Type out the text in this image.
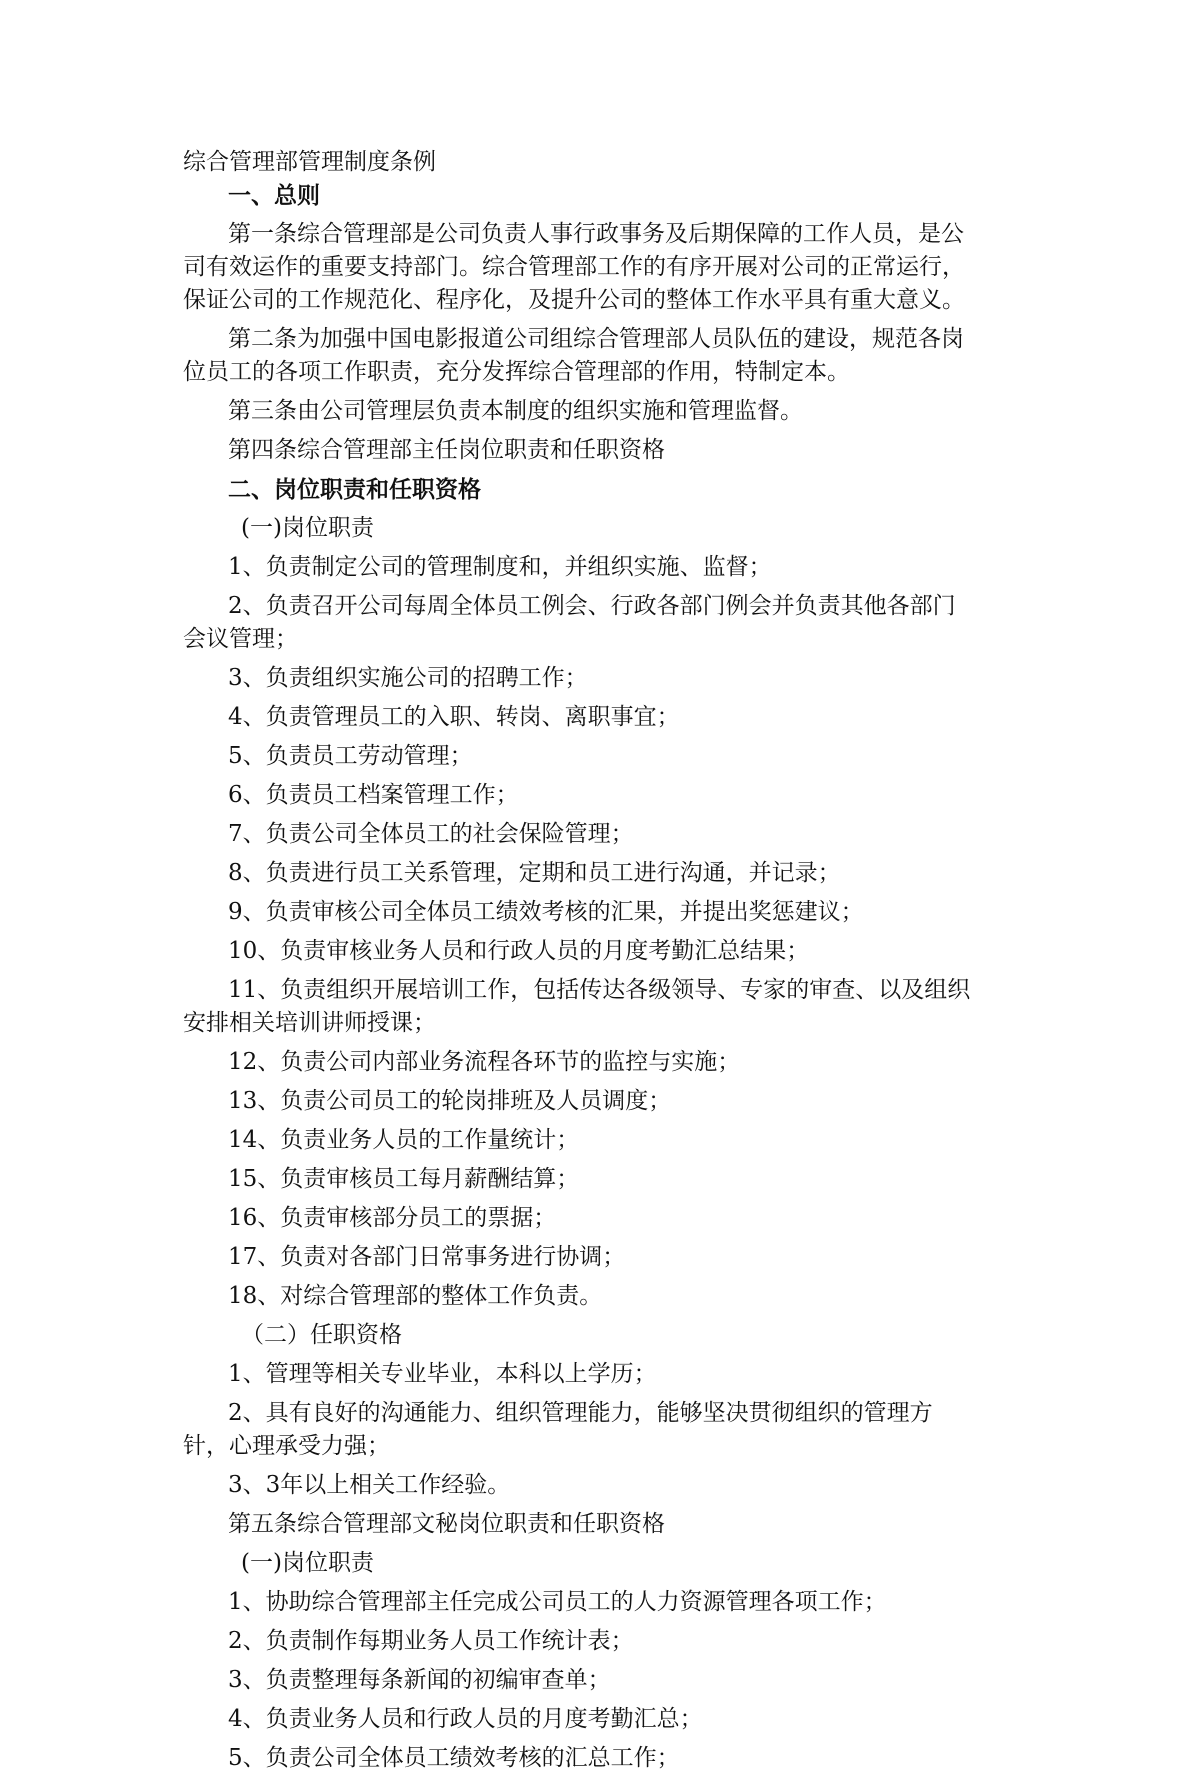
综合管理部管理制度条例

一、总则

第一条综合管理部是公司负责人事行政事务及后期保障的工作人员，是公

司有效运作的重要支持部门。综合管理部工作的有序开展对公司的正常运行，

保证公司的工作规范化、程序化，及提升公司的整体工作水平具有重大意义。

第二条为加强中国电影报道公司组综合管理部人员队伍的建设，规范各岗

位员工的各项工作职责，充分发挥综合管理部的作用，特制定本。

第三条由公司管理层负责本制度的组织实施和管理监督。

第四条综合管理部主任岗位职责和任职资格

二、岗位职责和任职资格

(一)岗位职责

1、负责制定公司的管理制度和，并组织实施、监督；

2、负责召开公司每周全体员工例会、行政各部门例会并负责其他各部门

会议管理；

3、负责组织实施公司的招聘工作；

4、负责管理员工的入职、转岗、离职事宜；

5、负责员工劳动管理；

6、负责员工档案管理工作；

7、负责公司全体员工的社会保险管理；

8、负责进行员工关系管理，定期和员工进行沟通，并记录；

9、负责审核公司全体员工绩效考核的汇果，并提出奖惩建议；

10、负责审核业务人员和行政人员的月度考勤汇总结果；

11、负责组织开展培训工作，包括传达各级领导、专家的审查、以及组织

安排相关培训讲师授课；

12、负责公司内部业务流程各环节的监控与实施；

13、负责公司员工的轮岗排班及人员调度；

14、负责业务人员的工作量统计；

15、负责审核员工每月薪酬结算；

16、负责审核部分员工的票据；

17、负责对各部门日常事务进行协调；

18、对综合管理部的整体工作负责。

（二）任职资格

1、管理等相关专业毕业，本科以上学历；

2、具有良好的沟通能力、组织管理能力，能够坚决贯彻组织的管理方

针，心理承受力强；

3、3年以上相关工作经验。

第五条综合管理部文秘岗位职责和任职资格

(一)岗位职责

1、协助综合管理部主任完成公司员工的人力资源管理各项工作；

2、负责制作每期业务人员工作统计表；

3、负责整理每条新闻的初编审查单；

4、负责业务人员和行政人员的月度考勤汇总；

5、负责公司全体员工绩效考核的汇总工作；
